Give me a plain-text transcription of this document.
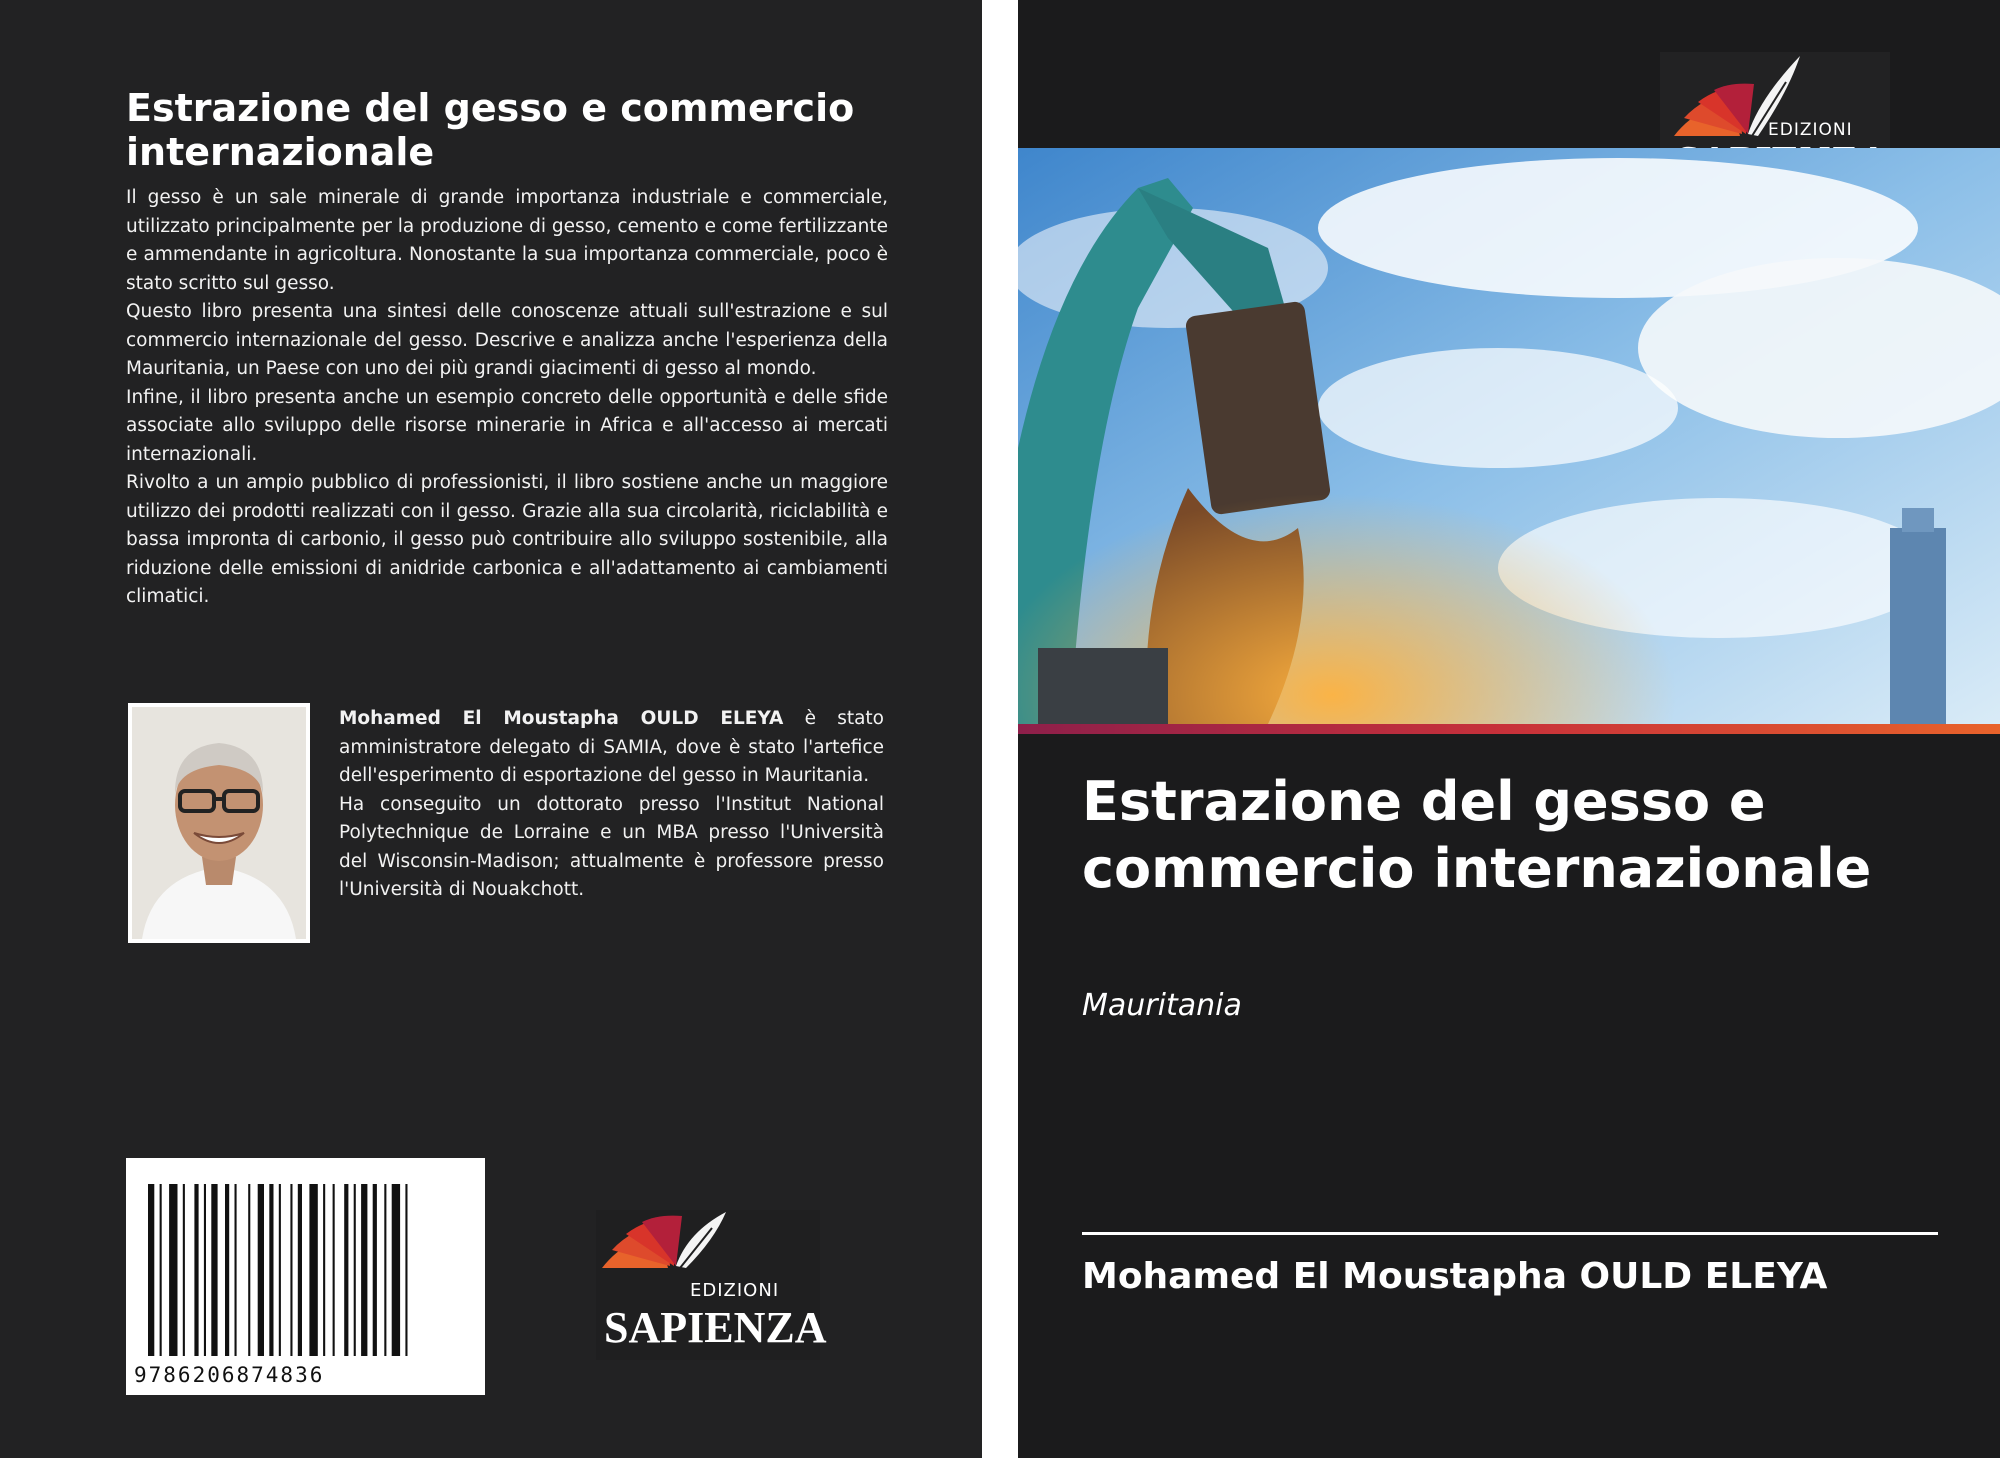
Estrazione del gesso e commercio internazionale

Il gesso è un sale minerale di grande importanza industriale e commerciale, utilizzato principalmente per la produzione di gesso, cemento e come fertilizzante e ammendante in agricoltura. Nonostante la sua importanza commerciale, poco è stato scritto sul gesso.

Questo libro presenta una sintesi delle conoscenze attuali sull'estrazione e sul commercio internazionale del gesso. Descrive e analizza anche l'esperienza della Mauritania, un Paese con uno dei più grandi giacimenti di gesso al mondo.

Infine, il libro presenta anche un esempio concreto delle opportunità e delle sfide associate allo sviluppo delle risorse minerarie in Africa e all'accesso ai mercati internazionali.

Rivolto a un ampio pubblico di professionisti, il libro sostiene anche un maggiore utilizzo dei prodotti realizzati con il gesso. Grazie alla sua circolarità, riciclabilità e bassa impronta di carbonio, il gesso può contribuire allo sviluppo sostenibile, alla riduzione delle emissioni di anidride carbonica e all'adattamento ai cambiamenti climatici.

Mohamed El Moustapha OULD ELEYA è stato amministratore delegato di SAMIA, dove è stato l'artefice dell'esperimento di esportazione del gesso in Mauritania.

Ha conseguito un dottorato presso l'Institut National Polytechnique de Lorraine e un MBA presso l'Università del Wisconsin-Madison; attualmente è professore presso l'Università di Nouakchott.

9786206874836
EDIZIONI
SAPIENZA
EDIZIONI
Estrazione del gesso e commercio internazionale
Mauritania
Mohamed El Moustapha OULD ELEYA
